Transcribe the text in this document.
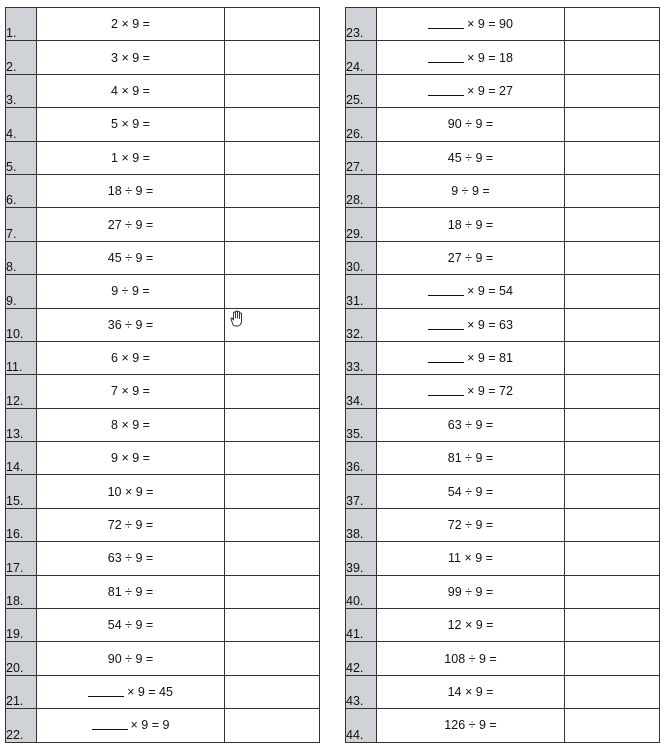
1.	2 × 9 =	
2.	3 × 9 =	
3.	4 × 9 =	
4.	5 × 9 =	
5.	1 × 9 =	
6.	18 ÷ 9 =	
7.	27 ÷ 9 =	
8.	45 ÷ 9 =	
9.	9 ÷ 9 =	
10.	36 ÷ 9 =	
11.	6 × 9 =	
12.	7 × 9 =	
13.	8 × 9 =	
14.	9 × 9 =	
15.	10 × 9 =	
16.	72 ÷ 9 =	
17.	63 ÷ 9 =	
18.	81 ÷ 9 =	
19.	54 ÷ 9 =	
20.	90 ÷ 9 =	
21.	× 9 = 45	
22.	× 9 = 9	
23.	× 9 = 90	
24.	× 9 = 18	
25.	× 9 = 27	
26.	90 ÷ 9 =	
27.	45 ÷ 9 =	
28.	9 ÷ 9 =	
29.	18 ÷ 9 =	
30.	27 ÷ 9 =	
31.	× 9 = 54	
32.	× 9 = 63	
33.	× 9 = 81	
34.	× 9 = 72	
35.	63 ÷ 9 =	
36.	81 ÷ 9 =	
37.	54 ÷ 9 =	
38.	72 ÷ 9 =	
39.	11 × 9 =	
40.	99 ÷ 9 =	
41.	12 × 9 =	
42.	108 ÷ 9 =	
43.	14 × 9 =	
44.	126 ÷ 9 =	
